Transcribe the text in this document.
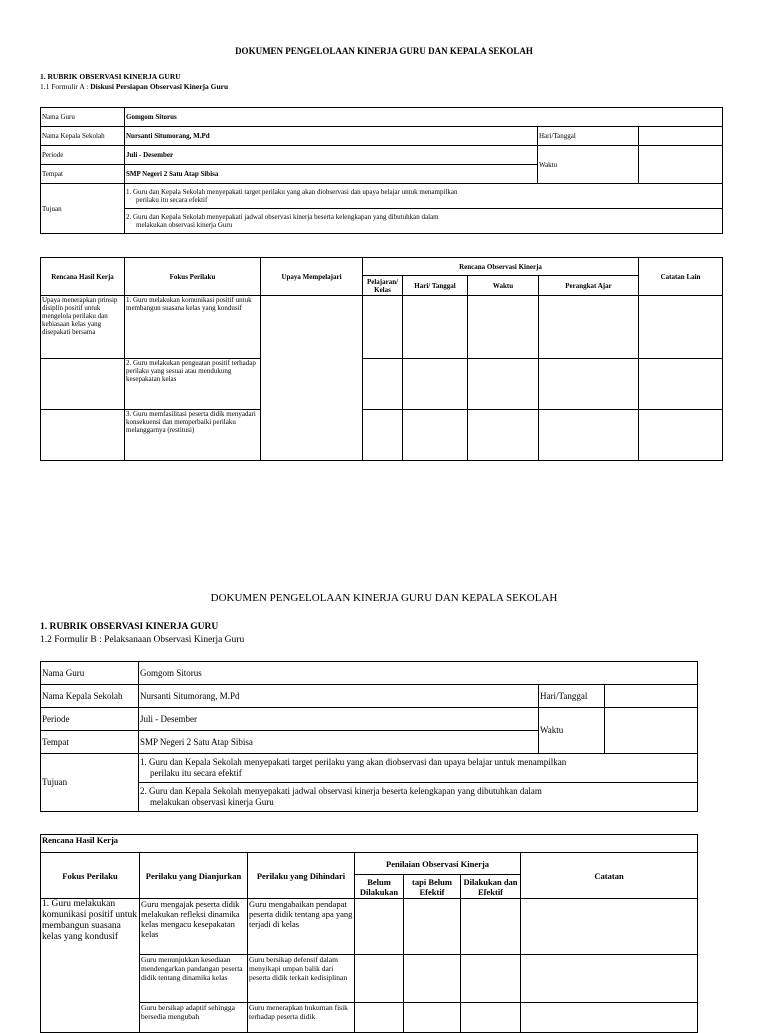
DOKUMEN PENGELOLAAN KINERJA GURU DAN KEPALA SEKOLAH
1. RUBRIK OBSERVASI KINERJA GURU
1.1 Formulir A : Diskusi Persiapan Observasi Kinerja Guru
Nama Guru	Gomgom Sitorus		
Nama Kepala Sekolah	Nursanti Situmorang, M.Pd	Hari/Tanggal	
Periode	Juli - Desember	Waktu	
Tempat	SMP Negeri 2 Satu Atap Sibisa		
Tujuan	1. Guru dan Kepala Sekolah menyepakati target perilaku yang akan diobservasi dan upaya belajar untuk menampilkan
perilaku itu secara efektif		

	2. Guru dan Kepala Sekolah menyepakati jadwal observasi kinerja beserta kelengkapan yang dibutuhkan dalam
melakukan observasi kinerja Guru		
Rencana Hasil Kerja	Fokus Perilaku	Upaya Mempelajari	Rencana Observasi Kinerja				Catatan Lain
			Pelajaran/ Kelas	Hari/ Tanggal	Waktu	Perangkat Ajar	
Upaya menerapkan prinsip disiplin positif untuk mengelola perilaku dan kebiasaan kelas yang disepakati bersama	1. Guru melakukan komunikasi positif untuk membangun suasana kelas yang kondusif						
	2. Guru melakukan penguatan positif terhadap perilaku yang sesuai atau mendukung kesepakatan kelas						
	3. Guru memfasilitasi peserta didik menyadari konsekuensi dan memperbaiki perilaku melanggarnya (restitusi)						
DOKUMEN PENGELOLAAN KINERJA GURU DAN KEPALA SEKOLAH
1. RUBRIK OBSERVASI KINERJA GURU
1.2 Formulir B : Pelaksanaan Observasi Kinerja Guru
Nama Guru	Gomgom Sitorus		
Nama Kepala Sekolah	Nursanti Situmorang, M.Pd	Hari/Tanggal	
Periode	Juli - Desember	Waktu	
Tempat	SMP Negeri 2 Satu Atap Sibisa		
Tujuan	1. Guru dan Kepala Sekolah menyepakati target perilaku yang akan diobservasi dan upaya belajar untuk menampilkan
perilaku itu secara efektif		

	2. Guru dan Kepala Sekolah menyepakati jadwal observasi kinerja beserta kelengkapan yang dibutuhkan dalam
melakukan observasi kinerja Guru		
Rencana Hasil Kerja						
Fokus Perilaku	Perilaku yang Dianjurkan	Perilaku yang Dihindari	Penilaian Observasi Kinerja			Catatan
			Belum Dilakukan	tapi Belum Efektif	Dilakukan dan Efektif	
1. Guru melakukan komunikasi positif untuk membangun suasana kelas yang kondusif	Guru mengajak peserta didik melakukan refleksi dinamika kelas mengacu kesepakatan kelas	Guru mengabaikan pendapat peserta didik tentang apa yang terjadi di kelas				
	Guru menunjukkan kesediaan mendengarkan pandangan peserta didik tentang dinamika kelas	Guru bersikap defensif dalam menyikapi umpan balik dari peserta didik terkait kedisiplinan				
	Guru bersikap adaptif sehingga bersedia mengubah	Guru menerapkan hukuman fisik terhadap peserta didik				
